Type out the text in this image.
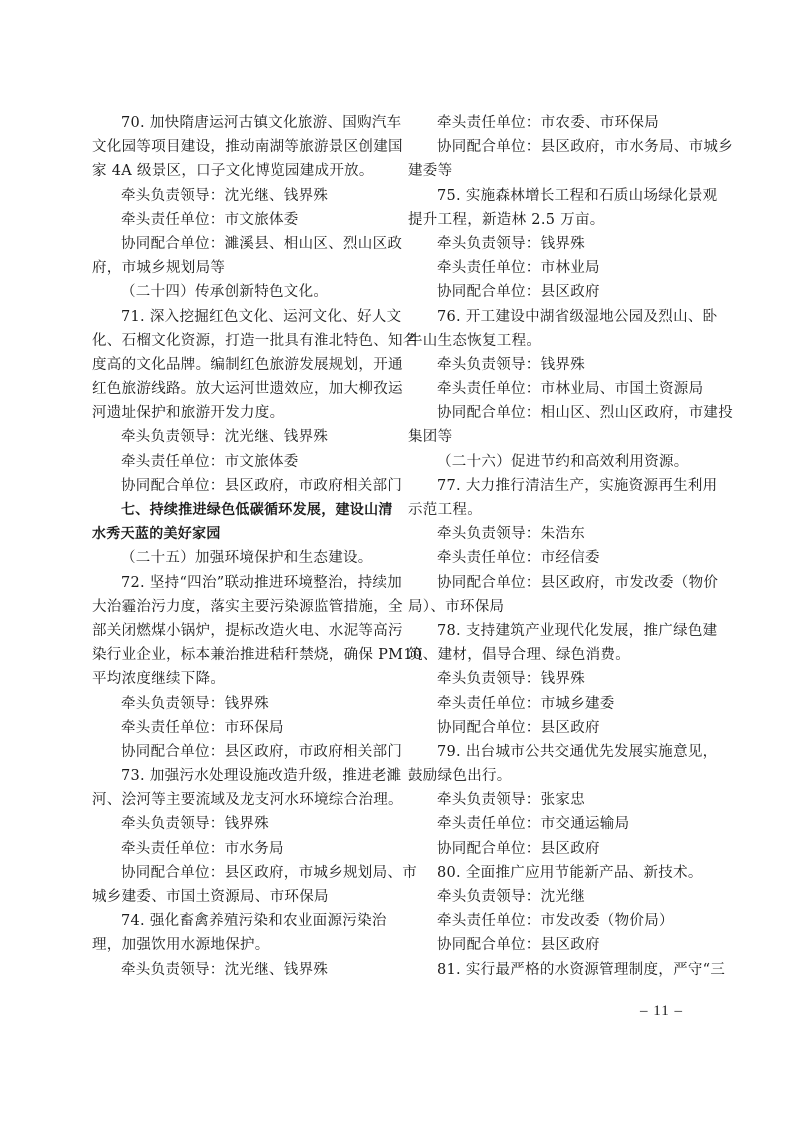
70. 加快隋唐运河古镇文化旅游、国购汽车
文化园等项目建设，推动南湖等旅游景区创建国
家 4A 级景区，口子文化博览园建成开放。
牵头负责领导：沈光继、钱界殊
牵头责任单位：市文旅体委
协同配合单位：濉溪县、相山区、烈山区政
府，市城乡规划局等
（二十四）传承创新特色文化。
71. 深入挖掘红色文化、运河文化、好人文
化、石榴文化资源，打造一批具有淮北特色、知名
度高的文化品牌。编制红色旅游发展规划，开通
红色旅游线路。放大运河世遗效应，加大柳孜运
河遗址保护和旅游开发力度。
牵头负责领导：沈光继、钱界殊
牵头责任单位：市文旅体委
协同配合单位：县区政府，市政府相关部门
七、持续推进绿色低碳循环发展，建设山清
水秀天蓝的美好家园
（二十五）加强环境保护和生态建设。
72. 坚持“四治”联动推进环境整治，持续加
大治霾治污力度，落实主要污染源监管措施，全
部关闭燃煤小锅炉，提标改造火电、水泥等高污
染行业企业，标本兼治推进秸秆禁烧，确保 PM10
平均浓度继续下降。
牵头负责领导：钱界殊
牵头责任单位：市环保局
协同配合单位：县区政府，市政府相关部门
73. 加强污水处理设施改造升级，推进老濉
河、浍河等主要流域及龙支河水环境综合治理。
牵头负责领导：钱界殊
牵头责任单位：市水务局
协同配合单位：县区政府，市城乡规划局、市
城乡建委、市国土资源局、市环保局
74. 强化畜禽养殖污染和农业面源污染治
理，加强饮用水源地保护。
牵头负责领导：沈光继、钱界殊
牵头责任单位：市农委、市环保局
协同配合单位：县区政府，市水务局、市城乡
建委等
75. 实施森林增长工程和石质山场绿化景观
提升工程，新造林 2.5 万亩。
牵头负责领导：钱界殊
牵头责任单位：市林业局
协同配合单位：县区政府
76. 开工建设中湖省级湿地公园及烈山、卧
牛山生态恢复工程。
牵头负责领导：钱界殊
牵头责任单位：市林业局、市国土资源局
协同配合单位：相山区、烈山区政府，市建投
集团等
（二十六）促进节约和高效利用资源。
77. 大力推行清洁生产，实施资源再生利用
示范工程。
牵头负责领导：朱浩东
牵头责任单位：市经信委
协同配合单位：县区政府，市发改委（物价
局）、市环保局
78. 支持建筑产业现代化发展，推广绿色建
筑、建材，倡导合理、绿色消费。
牵头负责领导：钱界殊
牵头责任单位：市城乡建委
协同配合单位：县区政府
79. 出台城市公共交通优先发展实施意见，
鼓励绿色出行。
牵头负责领导：张家忠
牵头责任单位：市交通运输局
协同配合单位：县区政府
80. 全面推广应用节能新产品、新技术。
牵头负责领导：沈光继
牵头责任单位：市发改委（物价局）
协同配合单位：县区政府
81. 实行最严格的水资源管理制度，严守“三
– 11 –
